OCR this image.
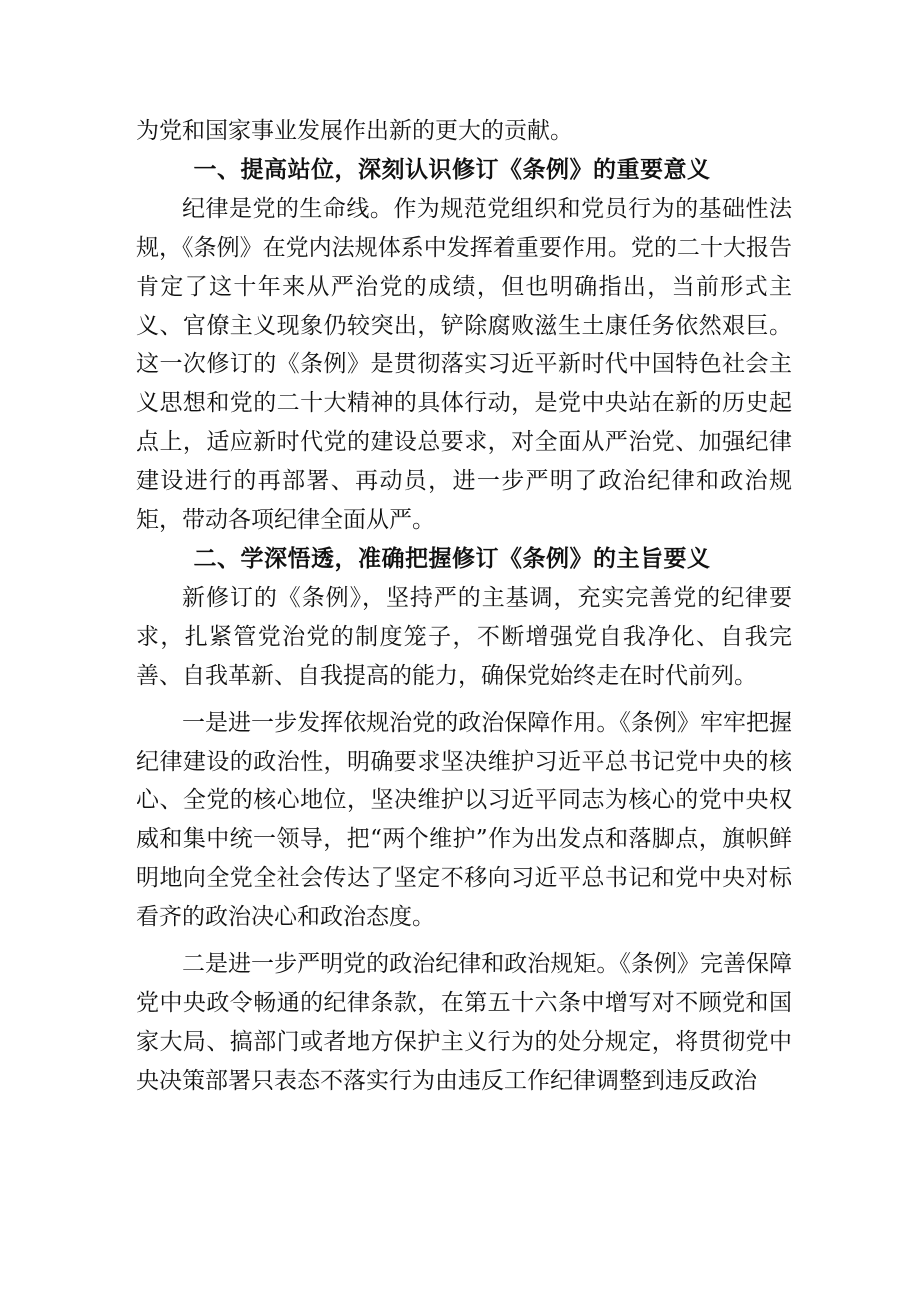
为党和国家事业发展作出新的更大的贡献。

一、提高站位，深刻认识修订《条例》的重要意义

纪律是党的生命线。作为规范党组织和党员行为的基础性法规，《条例》在党内法规体系中发挥着重要作用。党的二十大报告肯定了这十年来从严治党的成绩，但也明确指出，当前形式主义、官僚主义现象仍较突出，铲除腐败滋生土康任务依然艰巨。这一次修订的《条例》是贯彻落实习近平新时代中国特色社会主义思想和党的二十大精神的具体行动，是党中央站在新的历史起点上，适应新时代党的建设总要求，对全面从严治党、加强纪律建设进行的再部署、再动员，进一步严明了政治纪律和政治规矩，带动各项纪律全面从严。

二、学深悟透，准确把握修订《条例》的主旨要义

新修订的《条例》，坚持严的主基调，充实完善党的纪律要求，扎紧管党治党的制度笼子，不断增强党自我净化、自我完善、自我革新、自我提高的能力，确保党始终走在时代前列。

一是进一步发挥依规治党的政治保障作用。《条例》牢牢把握纪律建设的政治性，明确要求坚决维护习近平总书记党中央的核心、全党的核心地位，坚决维护以习近平同志为核心的党中央权威和集中统一领导，把“两个维护”作为出发点和落脚点，旗帜鲜明地向全党全社会传达了坚定不移向习近平总书记和党中央对标看齐的政治决心和政治态度。

二是进一步严明党的政治纪律和政治规矩。《条例》完善保障党中央政令畅通的纪律条款，在第五十六条中增写对不顾党和国家大局、搞部门或者地方保护主义行为的处分规定，将贯彻党中央决策部署只表态不落实行为由违反工作纪律调整到违反政治
